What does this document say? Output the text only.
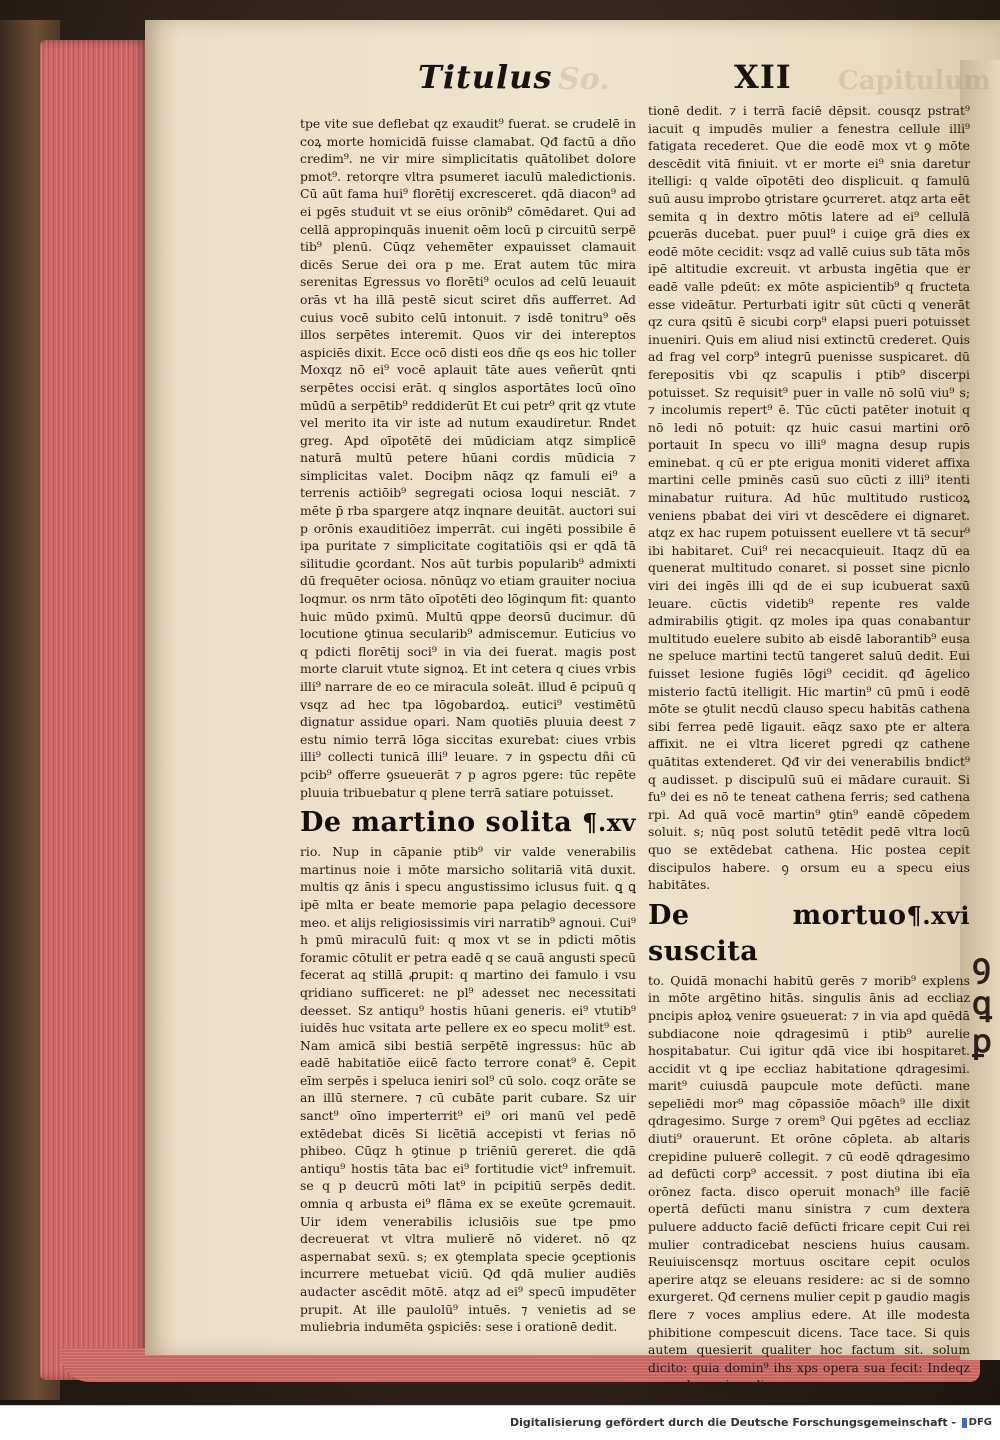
So.	Capitulum
Titulus	XII

tpe vite sue deflebat qz exaudit⁹ fuerat. se crudelē in coꝝ morte homicidā fuisse clamabat. Qđ factū a dño credim⁹. ne vir mire simplicitatis quātolibet dolore pmot⁹. retorqre vltra psumeret iaculū maledictionis. Cū aūt fama hui⁹ florētij excresceret. qdā diacon⁹ ad ei pgēs studuit vt se eius orōnib⁹ cōmēdaret. Qui ad cellā appropinquās inuenit oēm locū p circuitū serpē tib⁹ plenū. Cūqz vehemēter expauisset clamauit dicēs Serue dei ora p me. Erat autem tūc mira serenitas Egressus vo florēti⁹ oculos ad celū leuauit orās vt ha illā pestē sicut sciret dñs aufferret. Ad cuius vocē subito celū intonuit. ⁊ isdē tonitru⁹ oēs illos serpētes interemit. Quos vir dei intereptos aspiciēs dixit. Ecce ocō disti eos dñe qs eos hic toller Moxqz nō ei⁹ vocē aplauit tāte aues veñerūt qnti serpētes occisi erāt. q singlos asportātes locū oīno mūdū a serpētib⁹ reddiderūt Et cui petr⁹ qrit qz vtute vel merito ita vir iste ad nutum exaudiretur. Rndet greg. Apd oīpotētē dei mūdiciam atqz simplicē naturā multū petere hūani cordis mūdicia ⁊ simplicitas valet. Dociþm nāqz qz famuli ei⁹ a terrenis actiōib⁹ segregati ociosa loqui nesciāt. ⁊ mēte p̄ rba spargere atqz inqnare deuitāt. auctori sui p orōnis exauditiōez imperrāt. cui ingēti possibile ē ipa puritate ⁊ simplicitate cogitatiōis qsi er qdā tā silitudie ꝯcordant. Nos aūt turbis popularib⁹ admixti dū frequēter ociosa. nōnūqz vo etiam grauiter nociua loqmur. os nrm tāto oīpotēti deo lōginqum fit: quanto huic mūdo pximū. Multū qppe deorsū ducimur. dū locutione ꝯtinua secularib⁹ admiscemur. Euticius vo q pdicti florētij soci⁹ in via dei fuerat. magis post morte claruit vtute signoꝝ. Et int cetera q ciues vrbis illi⁹ narrare de eo ce miracula soleāt. illud ē pcipuū q vsqz ad hec tpa lōgobardoꝝ. eutici⁹ vestimētū dignatur assidue opari. Nam quotiēs pluuia deest ⁊ estu nimio terrā lōga siccitas exurebat: ciues vrbis illi⁹ collecti tunicā illi⁹ leuare. ⁊ in ꝯspectu dñi cū pcib⁹ offerre ꝯsueuerāt ⁊ p agros pgere: tūc repēte pluuia tribuebatur q plene terrā satiare potuisset.

De martino solita ¶.xv

rio. Nup in cāpanie ptib⁹ vir valde venerabilis martinus noie i mōte marsicho solitariā vitā duxit. multis qz ānis i specu angustissimo iclusus fuit. ꝗ ꝗ ipē mlta er beate memorie papa pelagio decessore meo. et alijs religiosissimis viri narratib⁹ agnoui. Cui⁹ h pmū miraculū fuit: q mox vt se in pdicti mōtis foramic cōtulit er petra eadē q se cauā angusti specū fecerat aq stillā ꝓrupit: q martino dei famulo i vsu qridiano sufficeret: ne pl⁹ adesset nec necessitati deesset. Sz antiqu⁹ hostis hūani generis. ei⁹ vtutib⁹ iuidēs huc vsitata arte pellere ex eo specu molit⁹ est. Nam amicā sibi bestiā serpētē ingressus: hūc ab eadē habitatiōe eiicē facto terrore conat⁹ ē. Cepit eīm serpēs i speluca ieniri sol⁹ cū solo. coqz orāte se an illū sternere. ⁊ cū cubāte parit cubare. Sz uir sanct⁹ oīno imperterrit⁹ ei⁹ ori manū vel pedē extēdebat dicēs Si licētiā accepisti vt ferias nō phibeo. Cūqz h ꝯtinue p triēniū gereret. die qdā antiqu⁹ hostis tāta bac ei⁹ fortitudie vict⁹ infremuit. se q p deucrū mōti lat⁹ in pcipitiū serpēs dedit. omnia q arbusta ei⁹ flāma ex se exeūte ꝯcremauit. Uir idem venerabilis iclusiōis sue tpe pmo decreuerat vt vltra mulierē nō videret. nō qz aspernabat sexū. s; ex ꝯtemplata specie ꝯceptionis incurrere metuebat viciū. Qđ qdā mulier audiēs audacter ascēdit mōtē. atqz ad ei⁹ specū impudēter prupit. At ille paulolū⁹ intuēs. ⁊ venietis ad se muliebria indumēta ꝯspiciēs: sese i orationē dedit.

tionē dedit. ⁊ i terrā faciē dēpsit. cousqz pstrat⁹ iacuit q impudēs mulier a fenestra cellule illi⁹ fatigata recederet. Que die eodē mox vt ꝯ mōte descēdit vitā finiuit. vt er morte ei⁹ snia daretur itelligi: q valde oīpotēti deo displicuit. q famulū suū ausu improbo ꝯtristare ꝯcurreret. atqz arta eēt semita q in dextro mōtis latere ad ei⁹ cellulā ꝑcuerās ducebat. puer puul⁹ i cuiꝯe grā dies ex eodē mōte cecidit: vsqz ad vallē cuius sub tāta mōs ipē altitudie excreuit. vt arbusta ingētia que er eadē valle pdeūt: ex mōte aspicientib⁹ q fructeta esse videātur. Perturbati igitr sūt cūcti q venerāt qz cura qsitū ē sicubi corp⁹ elapsi pueri potuisset inueniri. Quis em aliud nisi extinctū crederet. Quis ad frag vel corp⁹ integrū puenisse suspicaret. dū ferepositis vbi qz scapulis i ptib⁹ discerpi potuisset. Sz requisit⁹ puer in valle nō solū viu⁹ s; ⁊ incolumis repert⁹ ē. Tūc cūcti patēter inotuit q nō ledi nō potuit: qz huic casui martini orō portauit In specu vo illi⁹ magna desup rupis eminebat. q cū er pte erigua moniti videret affixa martini celle pminēs casū suo cūcti z illi⁹ itenti minabatur ruitura. Ad hūc multitudo rusticoꝝ veniens pbabat dei viri vt descēdere ei dignaret. atqz ex hac rupem potuissent euellere vt tā secur⁹ ibi habitaret. Cui⁹ rei necacquieuit. Itaqz dū ea quenerat multitudo conaret. si posset sine picnlo viri dei ingēs illi qd de ei sup icubuerat saxū leuare. cūctis videtib⁹ repente res valde admirabilis ꝯtigit. qz moles ipa quas conabantur multitudo euelere subito ab eisdē laborantib⁹ eusa ne speluce martini tectū tangeret saluū dedit. Eui fuisset lesione fugiēs lōgi⁹ cecidit. qđ āgelico misterio factū itelligit. Hic martin⁹ cū pmū i eodē mōte se ꝯtulit necdū clauso specu habitās cathena sibi ferrea pedē ligauit. eāqz saxo pte er altera affixit. ne ei vltra liceret pgredi qz cathene quātitas extenderet. Qđ vir dei venerabilis bndict⁹ q audisset. p discipulū suū ei mādare curauit. Si fu⁹ dei es nō te teneat cathena ferris; sed cathena rpi. Ad quā vocē martin⁹ ꝯtin⁹ eandē cōpedem soluit. s; nūq post solutū tetēdit pedē vltra locū quo se extēdebat cathena. Hic postea cepit discipulos habere. ꝯ orsum eu a specu eius habitātes.

De mortuo suscita
¶.xvi

to. Quidā monachi habitū gerēs ⁊ morib⁹ explens in mōte argētino hitās. singulis ānis ad eccliaz pncipis apłoꝝ venire ꝯsueuerat: ⁊ in via apd quēdā subdiacone noie qdragesimū i ptib⁹ aurelie hospitabatur. Cui igitur qdā vice ibi hospitaret. accidit vt ꝗ ipe eccliaz habitatione qdragesimi. marit⁹ cuiusdā paupcule mote defūcti. mane sepeliēdi mor⁹ mag cōpassiōe mōach⁹ ille dixit qdragesimo. Surge ⁊ orem⁹ Qui pgētes ad eccliaz diuti⁹ orauerunt. Et orōne cōpleta. ab altaris crepidine puluerē collegit. ⁊ cū eodē qdragesimo ad defūcti corp⁹ accessit. ⁊ post diutina ibi eīa orōnez facta. disco operuit monach⁹ ille faciē opertā defūcti manu sinistra ⁊ cum dextera puluere adducto faciē defūcti fricare cepit Cui rei mulier contradicebat nesciens huius causam. Reuiuiscensqz mortuus oscitare cepit oculos aperire atqz se eleuans residere: ac si de somno exurgeret. Qđ cernens mulier cepit p gaudio magis flere ⁊ voces amplius edere. At ille modesta phibitione compescuit dicens. Tace tace. Si quis autem quesierit qualiter hoc factum sit. solum dicito: quia domin⁹ ihs xps opera sua fecit: Indeqz a quadragesimo disce

ꝯ ꝗ ꝑ
Digitalisierung gefördert durch die Deutsche Forschungsgemeinschaft - DFG
